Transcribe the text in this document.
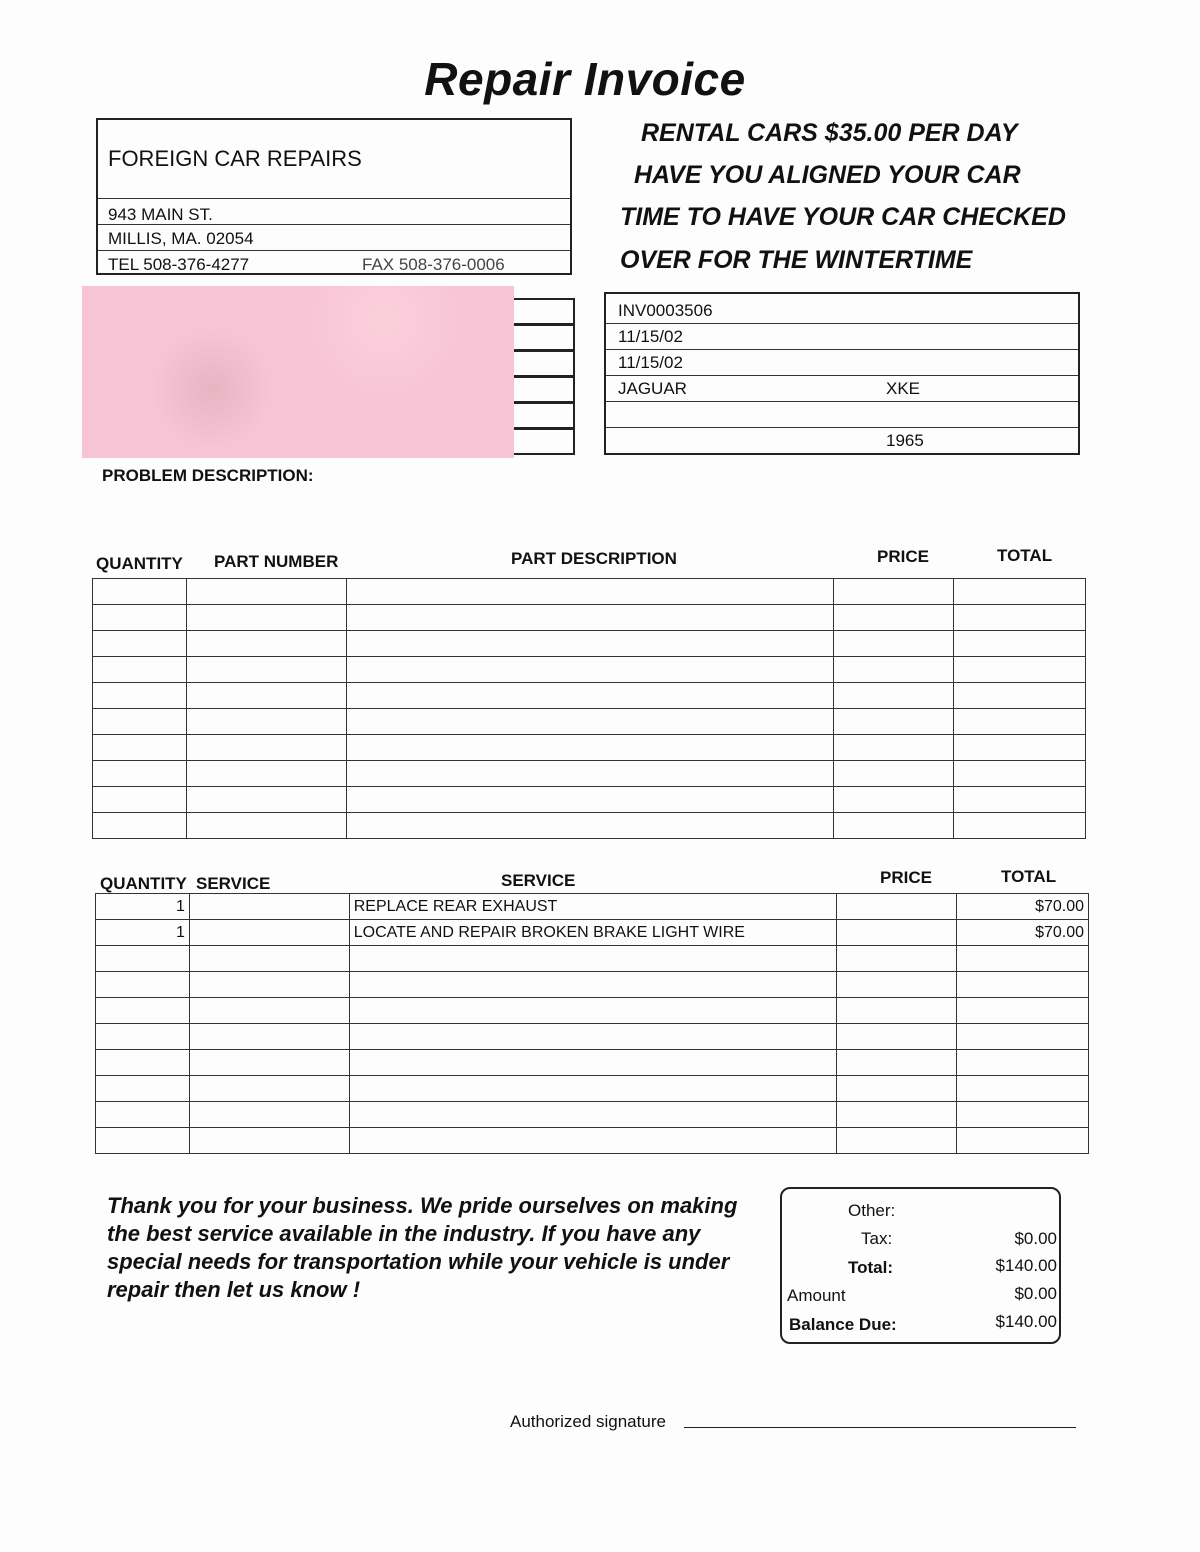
Repair Invoice
FOREIGN CAR REPAIRS
943 MAIN ST.
MILLIS, MA. 02054
TEL 508-376-4277	FAX 508-376-0006
RENTAL CARS $35.00 PER DAY
HAVE YOU ALIGNED YOUR CAR
TIME TO HAVE YOUR CAR CHECKED
OVER FOR THE WINTERTIME
INV0003506
11/15/02
11/15/02
JAGUAR	XKE
1965
PROBLEM DESCRIPTION:
QUANTITY PART NUMBER	PART DESCRIPTION	PRICE	TOTAL

QUANTITY SERVICE	SERVICE	PRICE	TOTAL
1		REPLACE REAR EXHAUST		$70.00
1		LOCATE AND REPAIR BROKEN BRAKE LIGHT WIRE		$70.00

Thank you for your business. We pride ourselves on making the best service available in the industry. If you have any special needs for transportation while your vehicle is under repair then let us know !
Other:
Tax:	$0.00
Total:	$140.00
Amount	$0.00
Balance Due:	$140.00
Authorized signature
